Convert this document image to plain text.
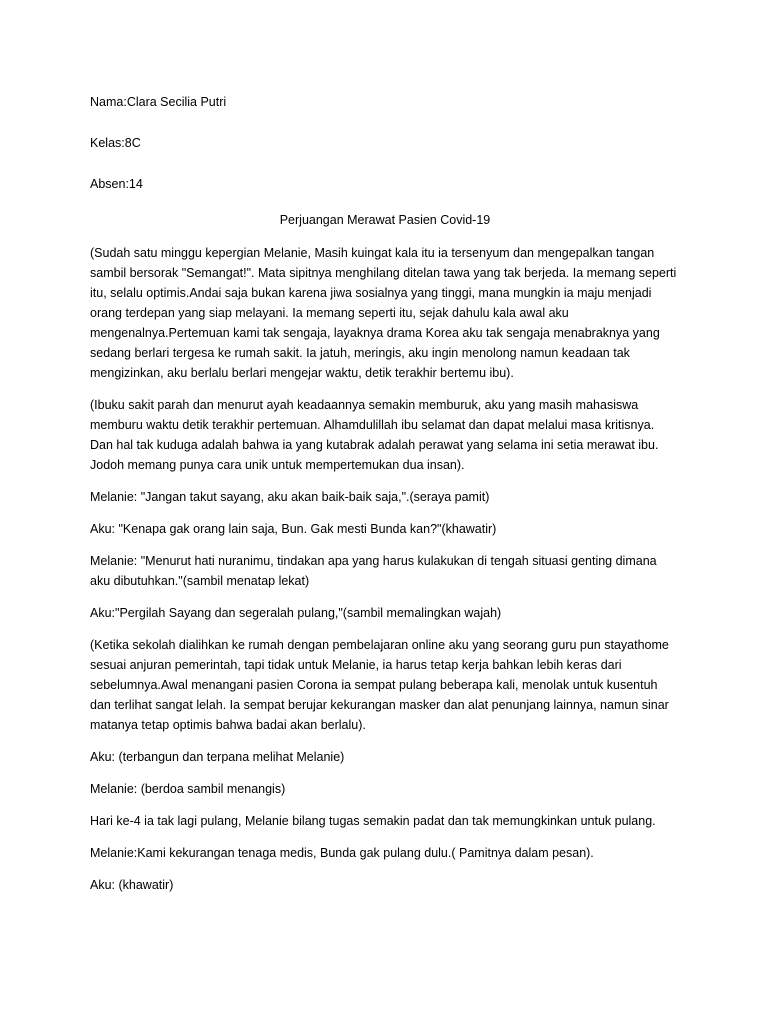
Nama:Clara Secilia Putri

Kelas:8C

Absen:14

Perjuangan Merawat Pasien Covid-19

(Sudah satu minggu kepergian Melanie, Masih kuingat kala itu ia tersenyum dan mengepalkan tangan sambil bersorak "Semangat!". Mata sipitnya menghilang ditelan tawa yang tak berjeda. Ia memang seperti itu, selalu optimis.Andai saja bukan karena jiwa sosialnya yang tinggi, mana mungkin ia maju menjadi orang terdepan yang siap melayani. Ia memang seperti itu, sejak dahulu kala awal aku mengenalnya.Pertemuan kami tak sengaja, layaknya drama Korea aku tak sengaja menabraknya yang sedang berlari tergesa ke rumah sakit. Ia jatuh, meringis, aku ingin menolong namun keadaan tak mengizinkan, aku berlalu berlari mengejar waktu, detik terakhir bertemu ibu).

(Ibuku sakit parah dan menurut ayah keadaannya semakin memburuk, aku yang masih mahasiswa memburu waktu detik terakhir pertemuan. Alhamdulillah ibu selamat dan dapat melalui masa kritisnya. Dan hal tak kuduga adalah bahwa ia yang kutabrak adalah perawat yang selama ini setia merawat ibu. Jodoh memang punya cara unik untuk mempertemukan dua insan).

Melanie: "Jangan takut sayang, aku akan baik-baik saja,".(seraya pamit)

Aku: "Kenapa gak orang lain saja, Bun. Gak mesti Bunda kan?"(khawatir)

Melanie: "Menurut hati nuranimu, tindakan apa yang harus kulakukan di tengah situasi genting dimana aku dibutuhkan."(sambil menatap lekat)

Aku:"Pergilah Sayang dan segeralah pulang,"(sambil memalingkan wajah)

(Ketika sekolah dialihkan ke rumah dengan pembelajaran online aku yang seorang guru pun stayathome sesuai anjuran pemerintah, tapi tidak untuk Melanie, ia harus tetap kerja bahkan lebih keras dari sebelumnya.Awal menangani pasien Corona ia sempat pulang beberapa kali, menolak untuk kusentuh dan terlihat sangat lelah. Ia sempat berujar kekurangan masker dan alat penunjang lainnya, namun sinar matanya tetap optimis bahwa badai akan berlalu).

Aku: (terbangun dan terpana melihat Melanie)

Melanie: (berdoa sambil menangis)

Hari ke-4 ia tak lagi pulang, Melanie bilang tugas semakin padat dan tak memungkinkan untuk pulang.

Melanie:Kami kekurangan tenaga medis, Bunda gak pulang dulu.( Pamitnya dalam pesan).

Aku: (khawatir)
